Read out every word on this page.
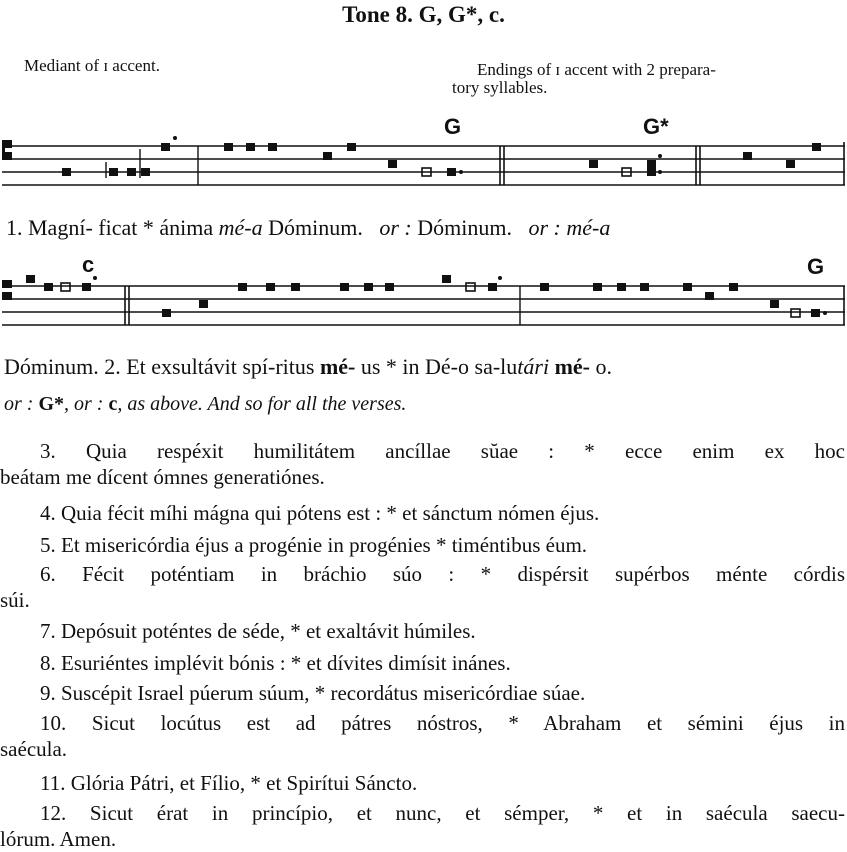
Tone 8. G, G*, c.
Mediant of ɪ accent.	Endings of ɪ accent with 2 prepara-
tory syllables.
G	G*
1. Magní- ficat * ánima mé-a Dóminum. or : Dóminum. or : mé-a
c	G
Dóminum. 2. Et exsultávit spí-ritus mé- us * in Dé-o sa-lutári mé- o.
or : G*, or : c, as above. And so for all the verses.
3. Quia respéxit humilitátem ancíllae sŭae : * ecce enim ex hoc
beátam me dícent ómnes generatiónes.
4. Quia fécit míhi mágna qui pótens est : * et sánctum nómen éjus.
5. Et misericórdia éjus a progénie in progénies * timéntibus éum.
6. Fécit poténtiam in bráchio súo : * dispérsit supérbos ménte córdis
súi.
7. Depósuit poténtes de séde, * et exaltávit húmiles.
8. Esuriéntes implévit bónis : * et dívites dimísit inánes.
9. Suscépit Israel púerum súum, * recordátus misericórdiae súae.
10. Sicut locútus est ad pátres nóstros, * Abraham et sémini éjus in
saécula.
11. Glória Pátri, et Fílio, * et Spirítui Sáncto.
12. Sicut érat in princípio, et nunc, et sémper, * et in saécula saecu-
lórum. Amen.
